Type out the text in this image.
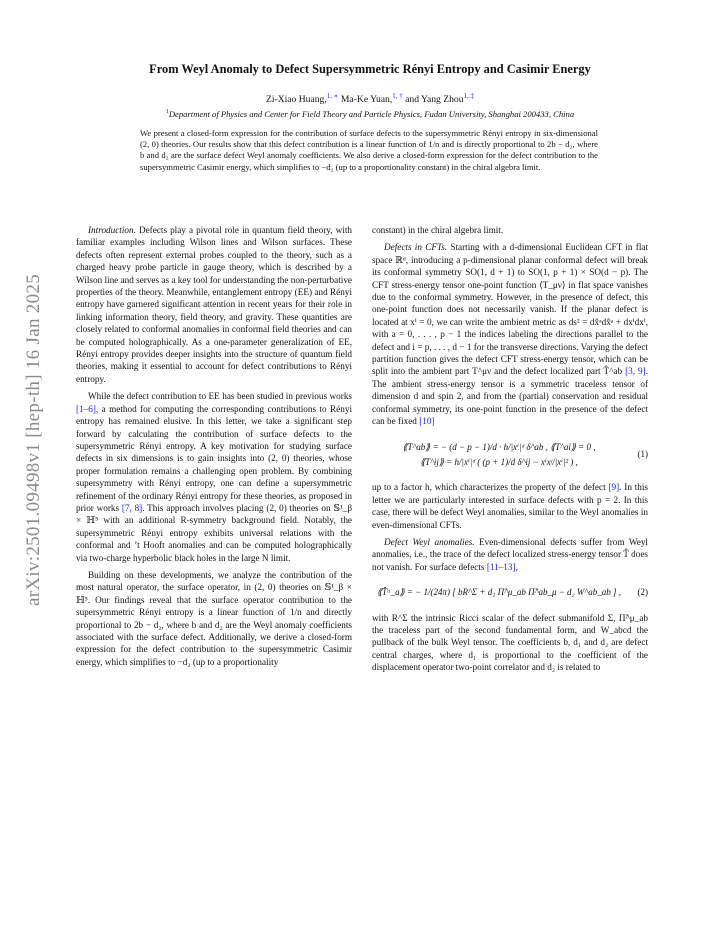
arXiv:2501.09498v1 [hep-th] 16 Jan 2025
From Weyl Anomaly to Defect Supersymmetric Rényi Entropy and Casimir Energy
Zi-Xiao Huang,$^{1, ∗}$ Ma-Ke Yuan,$^{1, \dagger}$ and Yang Zhou$^{1, \ddagger}$
$^1$Department of Physics and Center for Field Theory and Particle Physics, Fudan University, Shanghai 200433, China
We present a closed-form expression for the contribution of surface defects to the supersymmetric Rényi entropy in six-dimensional (2, 0) theories. Our results show that this defect contribution is a linear function of 1/n and is directly proportional to 2b − d₂, where b and d₂ are the surface defect Weyl anomaly coefficients. We also derive a closed-form expression for the defect contribution to the supersymmetric Casimir energy, which simplifies to −d₂ (up to a proportionality constant) in the chiral algebra limit.

Introduction. Defects play a pivotal role in quantum field theory, with familiar examples including Wilson lines and Wilson surfaces. These defects often represent external probes coupled to the theory, such as a charged heavy probe particle in gauge theory, which is described by a Wilson line and serves as a key tool for understanding the non-perturbative properties of the theory. Meanwhile, entanglement entropy (EE) and Rényi entropy have garnered significant attention in recent years for their role in linking information theory, field theory, and gravity. These quantities are closely related to conformal anomalies in conformal field theories and can be computed holographically. As a one-parameter generalization of EE, Rényi entropy provides deeper insights into the structure of quantum field theories, making it essential to account for defect contributions to Rényi entropy.

While the defect contribution to EE has been studied in previous works [1–6], a method for computing the corresponding contributions to Rényi entropy has remained elusive. In this letter, we take a significant step forward by calculating the contribution of surface defects to the supersymmetric Rényi entropy. A key motivation for studying surface defects in six dimensions is to gain insights into (2, 0) theories, whose proper formulation remains a challenging open problem. By combining supersymmetry with Rényi entropy, one can define a supersymmetric refinement of the ordinary Rényi entropy for these theories, as proposed in prior works [7, 8]. This approach involves placing (2, 0) theories on 𝕊¹_β × ℍ⁵ with an additional R-symmetry background field. Notably, the supersymmetric Rényi entropy exhibits universal relations with the conformal and ’t Hooft anomalies and can be computed holographically via two-charge hyperbolic black holes in the large N limit.

Building on these developments, we analyze the contribution of the most natural operator, the surface operator, in (2, 0) theories on 𝕊¹_β × ℍ⁵. Our findings reveal that the surface operator contribution to the supersymmetric Rényi entropy is a linear function of 1/n and directly proportional to 2b − d₂, where b and d₂ are the Weyl anomaly coefficients associated with the surface defect. Additionally, we derive a closed-form expression for the defect contribution to the supersymmetric Casimir energy, which simplifies to −d₂ (up to a proportionality

constant) in the chiral algebra limit.

Defects in CFTs. Starting with a d-dimensional Euclidean CFT in flat space ℝᵈ, introducing a p-dimensional planar conformal defect will break its conformal symmetry SO(1, d + 1) to SO(1, p + 1) × SO(d − p). The CFT stress-energy tensor one-point function ⟨T_μν⟩ in flat space vanishes due to the conformal symmetry. However, in the presence of defect, this one-point function does not necessarily vanish. If the planar defect is located at xⁱ = 0, we can write the ambient metric as ds² = dx̂ᵃdx̂ᵃ + dxⁱdxⁱ, with a = 0, . . . , p − 1 the indices labeling the directions parallel to the defect and i = p, . . . , d − 1 for the transverse directions. Varying the defect partition function gives the defect CFT stress-energy tensor, which can be split into the ambient part T^μν and the defect localized part T̂^ab [3, 9]. The ambient stress-energy tensor is a symmetric traceless tensor of dimension d and spin 2, and from the (partial) conservation and residual conformal symmetry, its one-point function in the presence of the defect can be fixed [10]

⟪T^ab⟫ = − (d − p − 1)/d · h/|xⁱ|ᵈ δ^ab , ⟪T^ai⟫ = 0 ,
⟪T^ij⟫ = h/|xⁱ|ᵈ ( (p + 1)/d δ^ij − xⁱxʲ/|xⁱ|² ) ,
(1)

up to a factor h, which characterizes the property of the defect [9]. In this letter we are particularly interested in surface defects with p = 2. In this case, there will be defect Weyl anomalies, similar to the Weyl anomalies in even-dimensional CFTs.

Defect Weyl anomalies. Even-dimensional defects suffer from Weyl anomalies, i.e., the trace of the defect localized stress-energy tensor T̂ does not vanish. For surface defects [11–13],

⟪T̂ᵃ_a⟫ = − 1/(24π) [ bR^Σ + d₁ Π̃^μ_ab Π̃^ab_μ − d₂ W^ab_ab ] ,	(2)

with R^Σ the intrinsic Ricci scalar of the defect submanifold Σ, Π̃^μ_ab the traceless part of the second fundamental form, and W_abcd the pullback of the bulk Weyl tensor. The coefficients b, d₁ and d₂ are defect central charges, where d₁ is proportional to the coefficient of the displacement operator two-point correlator and d₂ is related to
